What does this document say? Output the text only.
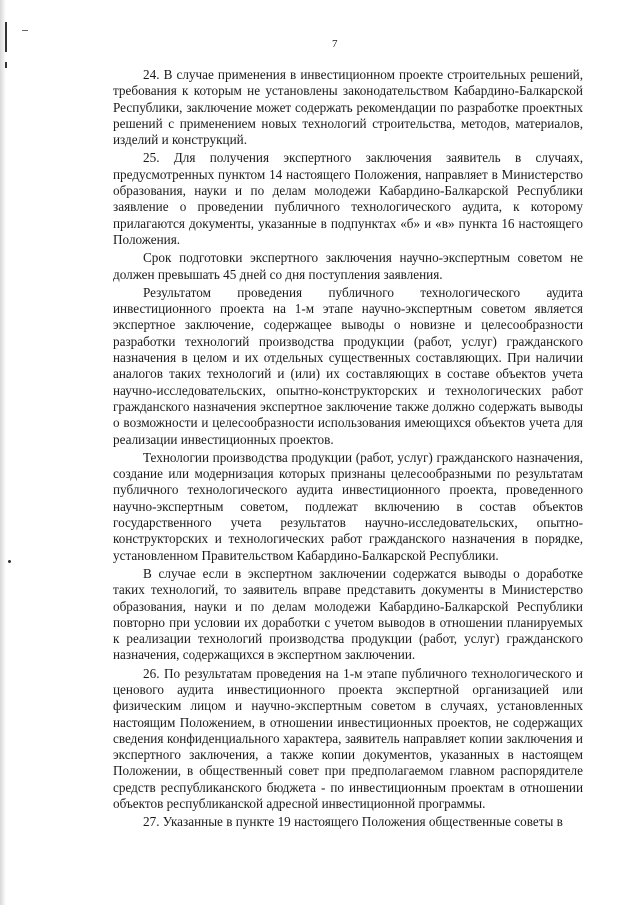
7

24. В случае применения в инвестиционном проекте строительных решений, требования к которым не установлены законодательством Кабардино-Балкарской Республики, заключение может содержать рекомендации по разработке проектных решений с применением новых технологий строительства, методов, материалов, изделий и конструкций.

25. Для получения экспертного заключения заявитель в случаях, предусмотренных пунктом 14 настоящего Положения, направляет в Министерство образования, науки и по делам молодежи Кабардино-Балкарской Республики заявление о проведении публичного технологического аудита, к которому прилагаются документы, указанные в подпунктах «б» и «в» пункта 16 настоящего Положения.

Срок подготовки экспертного заключения научно-экспертным советом не должен превышать 45 дней со дня поступления заявления.

Результатом проведения публичного технологического аудита инвестиционного проекта на 1-м этапе научно-экспертным советом является экспертное заключение, содержащее выводы о новизне и целесообразности разработки технологий производства продукции (работ, услуг) гражданского назначения в целом и их отдельных существенных составляющих. При наличии аналогов таких технологий и (или) их составляющих в составе объектов учета научно-исследовательских, опытно-конструкторских и технологических работ гражданского назначения экспертное заключение также должно содержать выводы о возможности и целесообразности использования имеющихся объектов учета для реализации инвестиционных проектов.

Технологии производства продукции (работ, услуг) гражданского назначения, создание или модернизация которых признаны целесообразными по результатам публичного технологического аудита инвестиционного проекта, проведенного научно-экспертным советом, подлежат включению в состав объектов государственного учета результатов научно-исследовательских, опытно-конструкторских и технологических работ гражданского назначения в порядке, установленном Правительством Кабардино-Балкарской Республики.

В случае если в экспертном заключении содержатся выводы о доработке таких технологий, то заявитель вправе представить документы в Министерство образования, науки и по делам молодежи Кабардино-Балкарской Республики повторно при условии их доработки с учетом выводов в отношении планируемых к реализации технологий производства продукции (работ, услуг) гражданского назначения, содержащихся в экспертном заключении.

26. По результатам проведения на 1-м этапе публичного технологического и ценового аудита инвестиционного проекта экспертной организацией или физическим лицом и научно-экспертным советом в случаях, установленных настоящим Положением, в отношении инвестиционных проектов, не содержащих сведения конфиденциального характера, заявитель направляет копии заключения и экспертного заключения, а также копии документов, указанных в настоящем Положении, в общественный совет при предполагаемом главном распорядителе средств республиканского бюджета - по инвестиционным проектам в отношении объектов республиканской адресной инвестиционной программы.

27. Указанные в пункте 19 настоящего Положения общественные советы в
